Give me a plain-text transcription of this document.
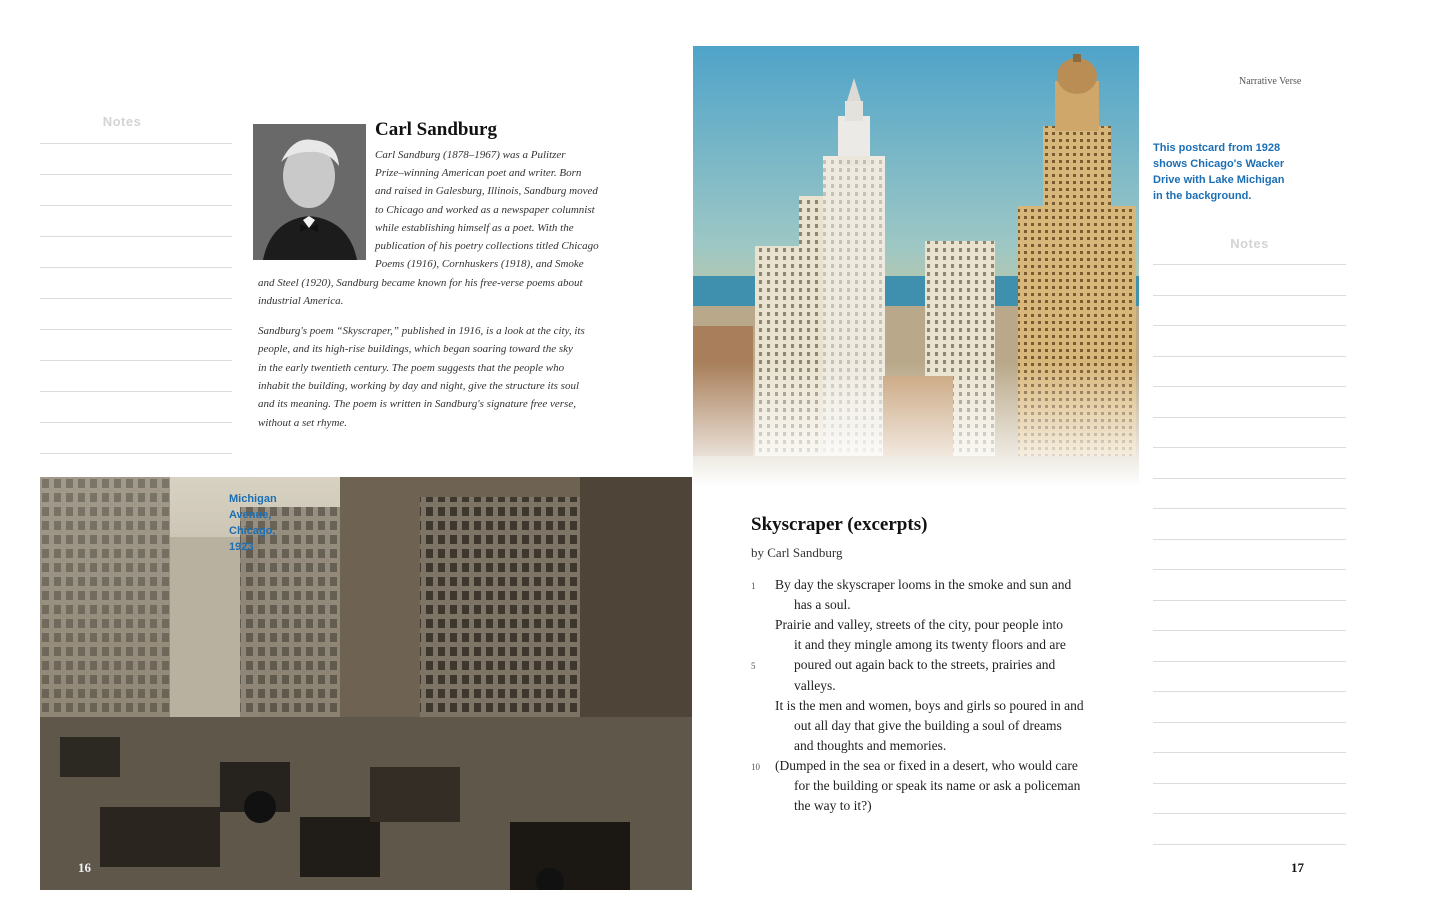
Notes
Notes
Carl Sandburg
Carl Sandburg (1878–1967) was a Pulitzer
Prize–winning American poet and writer. Born
and raised in Galesburg, Illinois, Sandburg moved
to Chicago and worked as a newspaper columnist
while establishing himself as a poet. With the
publication of his poetry collections titled Chicago
Poems (1916), Cornhuskers (1918), and Smoke
and Steel (1920), Sandburg became known for his free-verse poems about
industrial America.
Sandburg's poem “Skyscraper,” published in 1916, is a look at the city, its
people, and its high-rise buildings, which began soaring toward the sky
in the early twentieth century. The poem suggests that the people who
inhabit the building, working by day and night, give the structure its soul
and its meaning. The poem is written in Sandburg's signature free verse,
without a set rhyme.
Michigan
Avenue,
Chicago,
1923
This postcard from 1928
shows Chicago's Wacker
Drive with Lake Michigan
in the background.
Narrative Verse
Skyscraper (excerpts)
by Carl Sandburg
By day the skyscraper looms in the smoke and sun and
1
has a soul.
Prairie and valley, streets of the city, pour people into
it and they mingle among its twenty floors and are
poured out again back to the streets, prairies and
5
valleys.
It is the men and women, boys and girls so poured in and
out all day that give the building a soul of dreams
and thoughts and memories.
(Dumped in the sea or fixed in a desert, who would care
10
for the building or speak its name or ask a policeman
the way to it?)
16	17
